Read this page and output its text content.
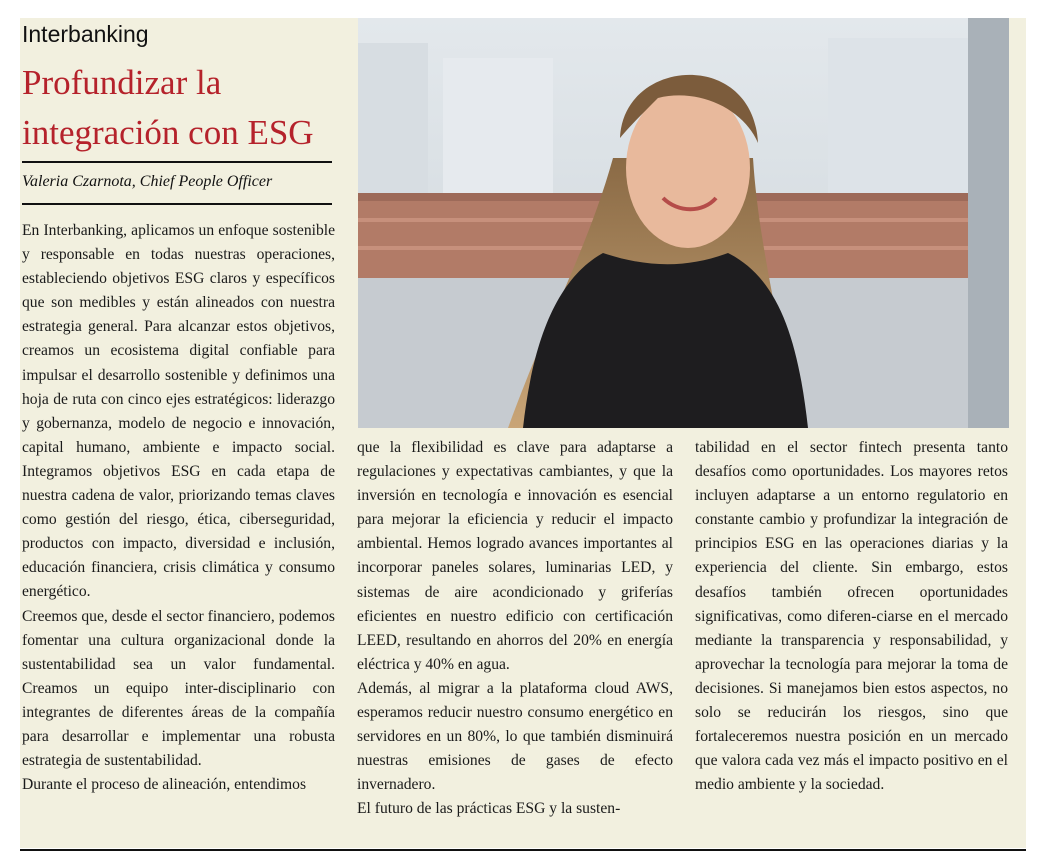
Interbanking
Profundizar la integración con ESG
Valeria Czarnota, Chief People Officer

En Interbanking, aplicamos un enfoque sostenible y responsable en todas nuestras operaciones, estableciendo objetivos ESG claros y específicos que son medibles y están alineados con nuestra estrategia general. Para alcanzar estos objetivos, creamos un ecosistema digital confiable para impulsar el desarrollo sostenible y definimos una hoja de ruta con cinco ejes estratégicos: liderazgo y gobernanza, modelo de negocio e innovación, capital humano, ambiente e impacto social. Integramos objetivos ESG en cada etapa de nuestra cadena de valor, priorizando temas claves como gestión del riesgo, ética, ciberseguridad, productos con impacto, diversidad e inclusión, educación financiera, crisis climática y consumo energético.

Creemos que, desde el sector financiero, podemos fomentar una cultura organizacional donde la sustentabilidad sea un valor fundamental. Creamos un equipo inter-disciplinario con integrantes de diferentes áreas de la compañía para desarrollar e implementar una robusta estrategia de sustentabilidad.

Durante el proceso de alineación, entendimos

que la flexibilidad es clave para adaptarse a regulaciones y expectativas cambiantes, y que la inversión en tecnología e innovación es esencial para mejorar la eficiencia y reducir el impacto ambiental. Hemos logrado avances importantes al incorporar paneles solares, luminarias LED, y sistemas de aire acondicionado y griferías eficientes en nuestro edificio con certificación LEED, resultando en ahorros del 20% en energía eléctrica y 40% en agua.

Además, al migrar a la plataforma cloud AWS, esperamos reducir nuestro consumo energético en servidores en un 80%, lo que también disminuirá nuestras emisiones de gases de efecto invernadero.

El futuro de las prácticas ESG y la susten-

tabilidad en el sector fintech presenta tanto desafíos como oportunidades. Los mayores retos incluyen adaptarse a un entorno regulatorio en constante cambio y profundizar la integración de principios ESG en las operaciones diarias y la experiencia del cliente. Sin embargo, estos desafíos también ofrecen oportunidades significativas, como diferen-ciarse en el mercado mediante la transparencia y responsabilidad, y aprovechar la tecnología para mejorar la toma de decisiones. Si manejamos bien estos aspectos, no solo se reducirán los riesgos, sino que fortaleceremos nuestra posición en un mercado que valora cada vez más el impacto positivo en el medio ambiente y la sociedad.
